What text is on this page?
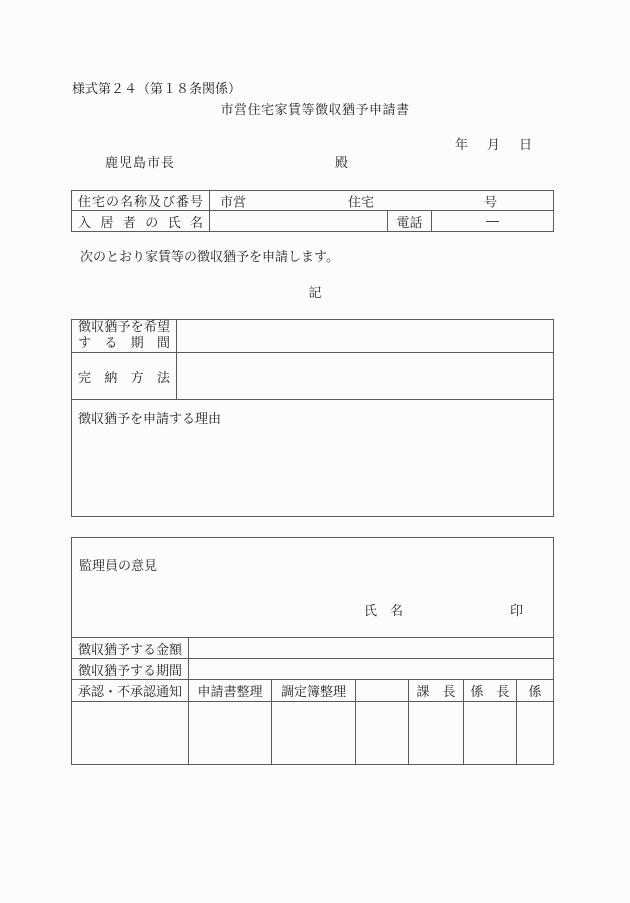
様式第２４（第１８条関係）
市営住宅家賃等徴収猶予申請書
年 月 日
鹿児島市長	殿
住宅の名称及び番号 市営	住宅	号
入居者の氏名	電話	―
次のとおり家賃等の徴収猶予を申請します。
記
徴収猶予を希望
する期間
完納方法
徴収猶予を申請する理由
監理員の意見
氏　名	印
徴収猶予する金額
徴収猶予する期間
承認・不承認通知 申請書整理 調定簿整理	課　長 係　長 係
